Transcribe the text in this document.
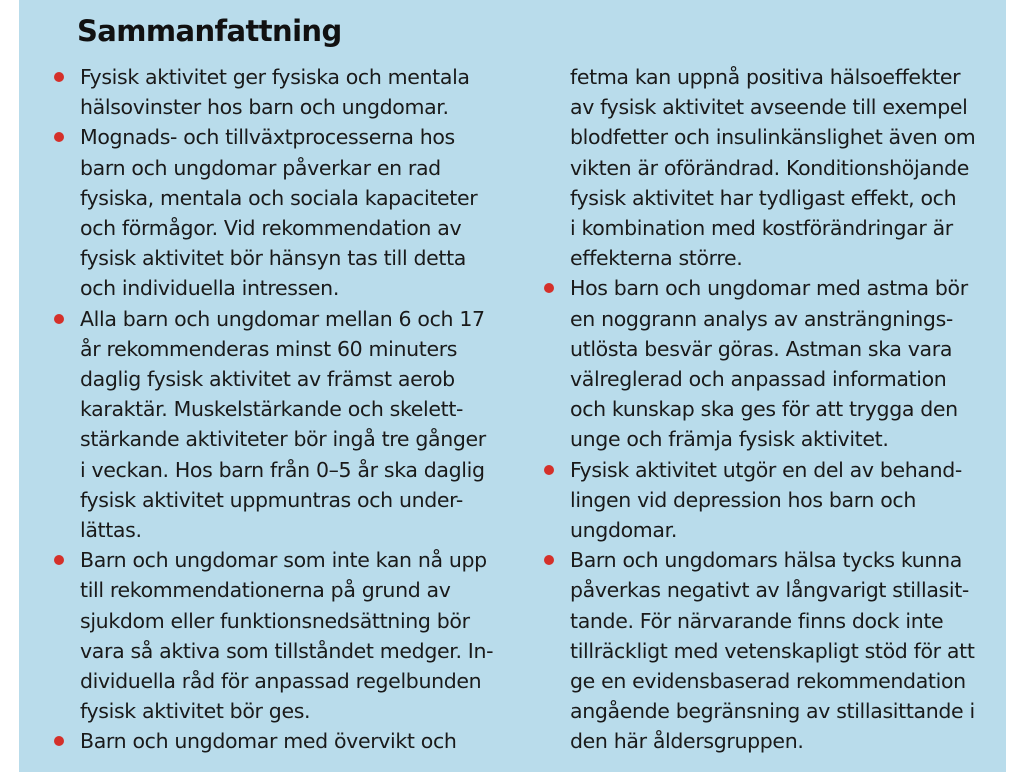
Sammanfattning
Fysisk aktivitet ger fysiska och mentala
hälsovinster hos barn och ungdomar.
Mognads- och tillväxtprocesserna hos
barn och ungdomar påverkar en rad
fysiska, mentala och sociala kapaciteter
och förmågor. Vid rekommendation av
fysisk aktivitet bör hänsyn tas till detta
och individuella intressen.
Alla barn och ungdomar mellan 6 och 17
år rekommenderas minst 60 minuters
daglig fysisk aktivitet av främst aerob
karaktär. Muskelstärkande och skelett-
stärkande aktiviteter bör ingå tre gånger
i veckan. Hos barn från 0–5 år ska daglig
fysisk aktivitet uppmuntras och under-
lättas.
Barn och ungdomar som inte kan nå upp
till rekommendationerna på grund av
sjukdom eller funktionsnedsättning bör
vara så aktiva som tillståndet medger. In-
dividuella råd för anpassad regelbunden
fysisk aktivitet bör ges.
Barn och ungdomar med övervikt och
fetma kan uppnå positiva hälsoeffekter
av fysisk aktivitet avseende till exempel
blodfetter och insulinkänslighet även om
vikten är oförändrad. Konditionshöjande
fysisk aktivitet har tydligast effekt, och
i kombination med kostförändringar är
effekterna större.
Hos barn och ungdomar med astma bör
en noggrann analys av ansträngnings-
utlösta besvär göras. Astman ska vara
välreglerad och anpassad information
och kunskap ska ges för att trygga den
unge och främja fysisk aktivitet.
Fysisk aktivitet utgör en del av behand-
lingen vid depression hos barn och
ungdomar.
Barn och ungdomars hälsa tycks kunna
påverkas negativt av långvarigt stillasit-
tande. För närvarande finns dock inte
tillräckligt med vetenskapligt stöd för att
ge en evidensbaserad rekommendation
angående begränsning av stillasittande i
den här åldersgruppen.
